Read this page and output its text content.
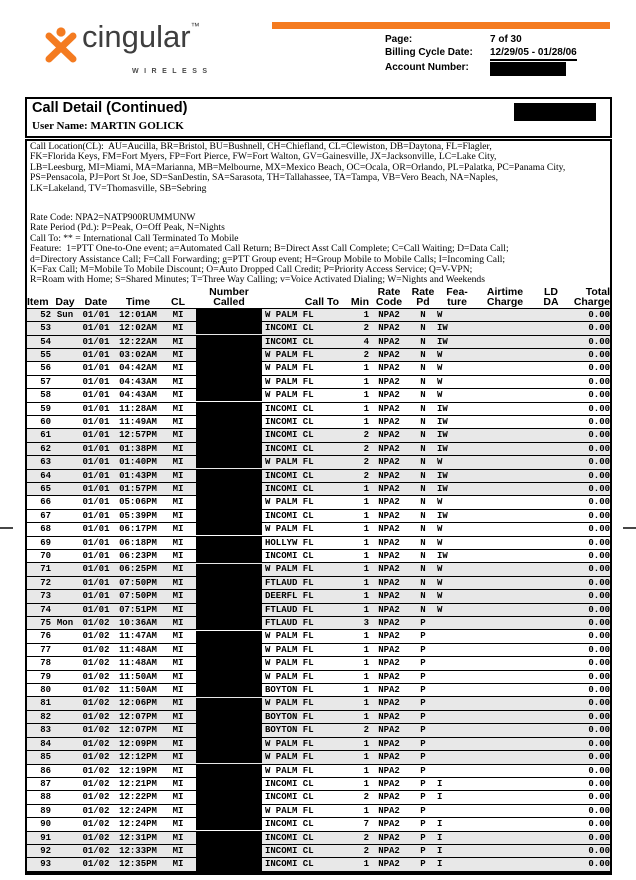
cingular™
WIRELESS
Page:	7 of 30
Billing Cycle Date:	12/29/05 - 01/28/06
Account Number:
Call Detail (Continued)
User Name: MARTIN GOLICK
Call Location(CL):  AU=Aucilla, BR=Bristol, BU=Bushnell, CH=Chiefland, CL=Clewiston, DB=Daytona, FL=Flagler,
FK=Florida Keys, FM=Fort Myers, FP=Fort Pierce, FW=Fort Walton, GV=Gainesville, JX=Jacksonville, LC=Lake City,
LB=Leesburg, MI=Miami, MA=Marianna, MB=Melbourne, MX=Mexico Beach, OC=Ocala, OR=Orlando, PL=Palatka, PC=Panama City,
PS=Pensacola, PJ=Port St Joe, SD=SanDestin, SA=Sarasota, TH=Tallahassee, TA=Tampa, VB=Vero Beach, NA=Naples,
LK=Lakeland, TV=Thomasville, SB=Sebring
Rate Code: NPA2=NATP900RUMMUNW
Rate Period (Pd.): P=Peak, O=Off Peak, N=Nights
Call To: ** = International Call Terminated To Mobile
Feature:  1=PTT One-to-One event; a=Automated Call Return; B=Direct Asst Call Complete; C=Call Waiting; D=Data Call;
d=Directory Assistance Call; F=Call Forwarding; g=PTT Group event; H=Group Mobile to Mobile Calls; I=Incoming Call;
K=Fax Call; M=Mobile To Mobile Discount; O=Auto Dropped Call Credit; P=Priority Access Service; Q=V-VPN;
R=Roam with Home; S=Shared Minutes; T=Three Way Calling; v=Voice Activated Dialing; W=Nights and Weekends
					Number			Rate	Rate	Fea-	Airtime	LD	Total
Item	Day	Date	Time	CL	Called	Call To	Min	Code	Pd	ture	Charge	DA	Charge
52	Sun	01/01	12:01AM	MI		W PALM FL	1	NPA2	N	W			0.00
53		01/01	12:02AM	MI		INCOMI CL	2	NPA2	N	IW			0.00
54		01/01	12:22AM	MI		INCOMI CL	4	NPA2	N	IW			0.00
55		01/01	03:02AM	MI		W PALM FL	2	NPA2	N	W			0.00
56		01/01	04:42AM	MI		W PALM FL	1	NPA2	N	W			0.00
57		01/01	04:43AM	MI		W PALM FL	1	NPA2	N	W			0.00
58		01/01	04:43AM	MI		W PALM FL	1	NPA2	N	W			0.00
59		01/01	11:28AM	MI		INCOMI CL	1	NPA2	N	IW			0.00
60		01/01	11:49AM	MI		INCOMI CL	1	NPA2	N	IW			0.00
61		01/01	12:57PM	MI		INCOMI CL	2	NPA2	N	IW			0.00
62		01/01	01:38PM	MI		INCOMI CL	2	NPA2	N	IW			0.00
63		01/01	01:40PM	MI		W PALM FL	2	NPA2	N	W			0.00
64		01/01	01:43PM	MI		INCOMI CL	2	NPA2	N	IW			0.00
65		01/01	01:57PM	MI		INCOMI CL	1	NPA2	N	IW			0.00
66		01/01	05:06PM	MI		W PALM FL	1	NPA2	N	W			0.00
67		01/01	05:39PM	MI		INCOMI CL	1	NPA2	N	IW			0.00
68		01/01	06:17PM	MI		W PALM FL	1	NPA2	N	W			0.00
69		01/01	06:18PM	MI		HOLLYW FL	1	NPA2	N	W			0.00
70		01/01	06:23PM	MI		INCOMI CL	1	NPA2	N	IW			0.00
71		01/01	06:25PM	MI		W PALM FL	1	NPA2	N	W			0.00
72		01/01	07:50PM	MI		FTLAUD FL	1	NPA2	N	W			0.00
73		01/01	07:50PM	MI		DEERFL FL	1	NPA2	N	W			0.00
74		01/01	07:51PM	MI		FTLAUD FL	1	NPA2	N	W			0.00
75	Mon	01/02	10:36AM	MI		FTLAUD FL	3	NPA2	P				0.00
76		01/02	11:47AM	MI		W PALM FL	1	NPA2	P				0.00
77		01/02	11:48AM	MI		W PALM FL	1	NPA2	P				0.00
78		01/02	11:48AM	MI		W PALM FL	1	NPA2	P				0.00
79		01/02	11:50AM	MI		W PALM FL	1	NPA2	P				0.00
80		01/02	11:50AM	MI		BOYTON FL	1	NPA2	P				0.00
81		01/02	12:06PM	MI		W PALM FL	1	NPA2	P				0.00
82		01/02	12:07PM	MI		BOYTON FL	1	NPA2	P				0.00
83		01/02	12:07PM	MI		BOYTON FL	2	NPA2	P				0.00
84		01/02	12:09PM	MI		W PALM FL	1	NPA2	P				0.00
85		01/02	12:12PM	MI		W PALM FL	1	NPA2	P				0.00
86		01/02	12:19PM	MI		W PALM FL	1	NPA2	P				0.00
87		01/02	12:21PM	MI		INCOMI CL	1	NPA2	P	I			0.00
88		01/02	12:22PM	MI		INCOMI CL	2	NPA2	P	I			0.00
89		01/02	12:24PM	MI		W PALM FL	1	NPA2	P				0.00
90		01/02	12:24PM	MI		INCOMI CL	7	NPA2	P	I			0.00
91		01/02	12:31PM	MI		INCOMI CL	2	NPA2	P	I			0.00
92		01/02	12:33PM	MI		INCOMI CL	2	NPA2	P	I			0.00
93		01/02	12:35PM	MI		INCOMI CL	1	NPA2	P	I			0.00
